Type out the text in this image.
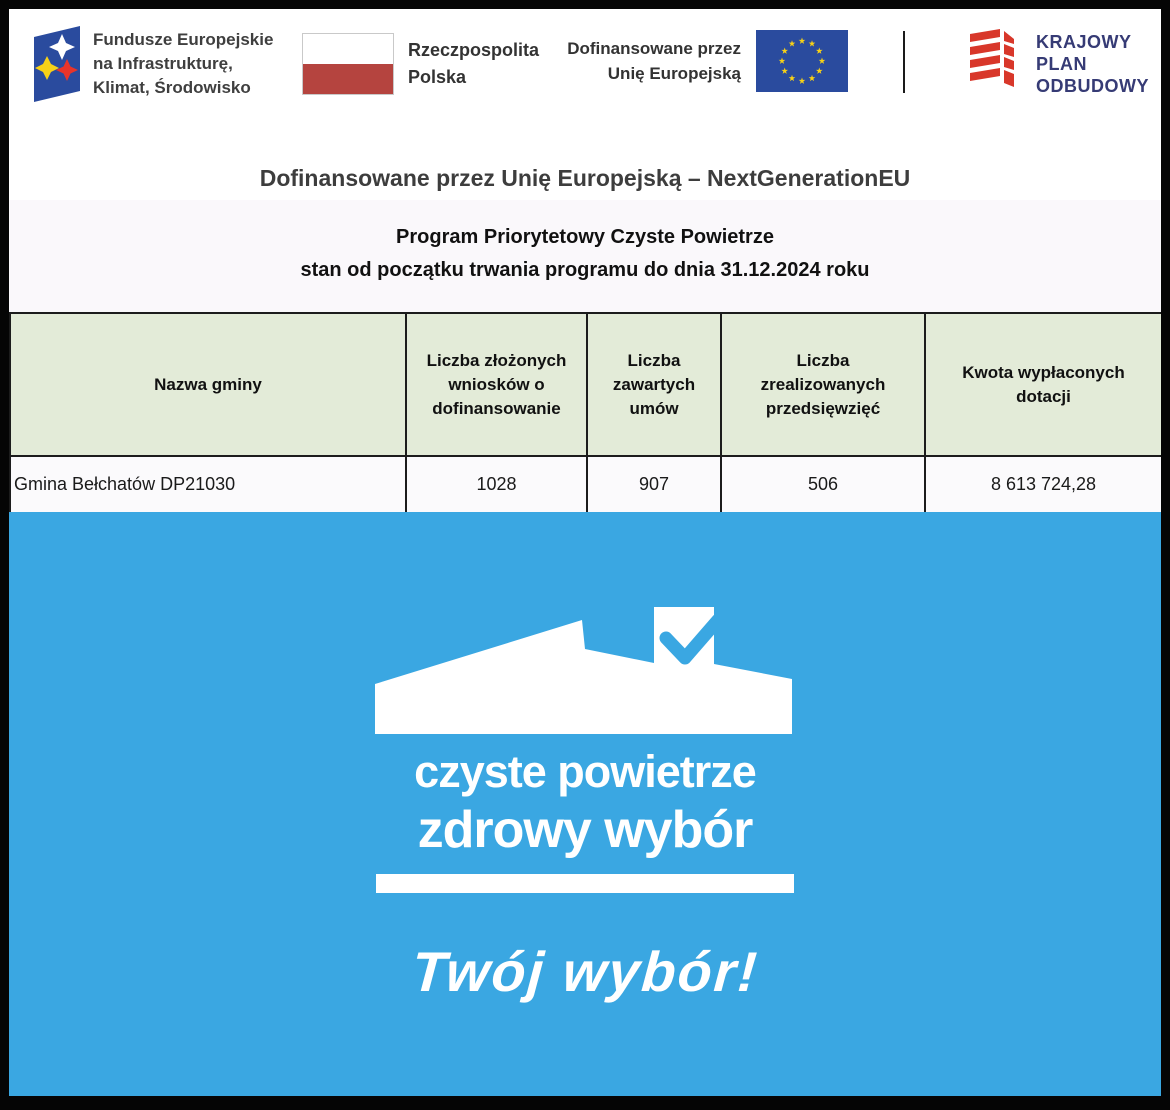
Fundusze Europejskie
na Infrastrukturę,
Klimat, Środowisko
Rzeczpospolita
Polska
Dofinansowane przez
Unię Europejską
KRAJOWY
PLAN
ODBUDOWY
Dofinansowane przez Unię Europejską – NextGenerationEU
Program Priorytetowy Czyste Powietrze
stan od początku trwania programu do dnia 31.12.2024 roku
Nazwa gminy	Liczba złożonych wniosków o dofinansowanie	Liczba zawartych umów	Liczba zrealizowanych przedsięwzięć	Kwota wypłaconych dotacji
Gmina Bełchatów DP21030	1028	907	506	8 613 724,28
czyste powietrze
zdrowy wybór
Twój wybór!
